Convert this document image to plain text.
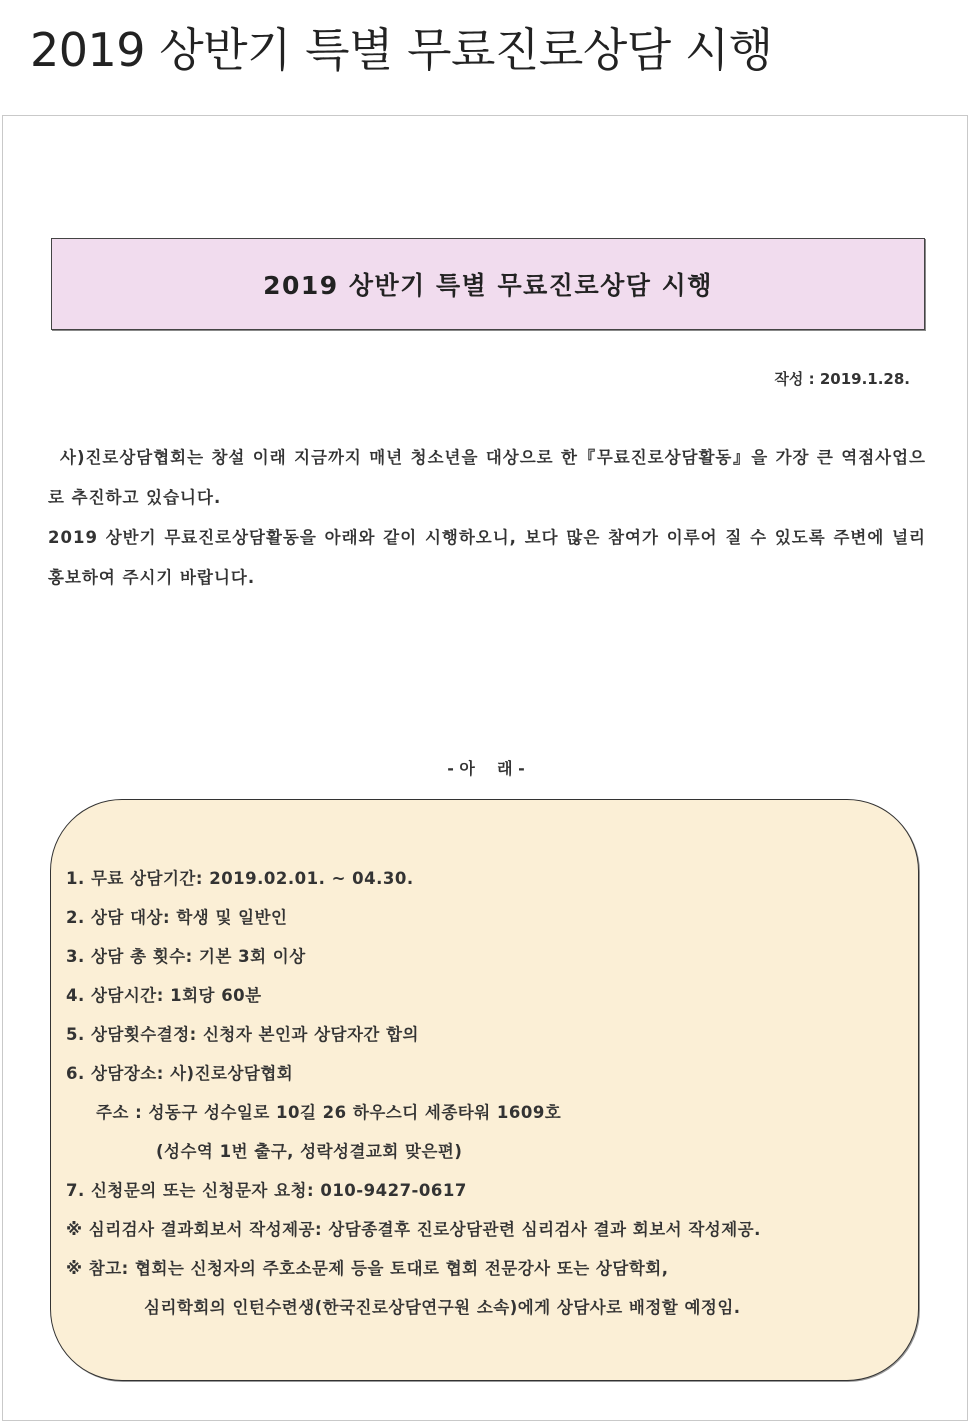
2019 상반기 특별 무료진로상담 시행
2019 상반기 특별 무료진로상담 시행
작성 : 2019.1.28.

사)진로상담협회는 창설 이래 지금까지 매년 청소년을 대상으로 한『무료진로상담활동』을 가장 큰 역점사업으로 추진하고 있습니다.

2019 상반기 무료진로상담활동을 아래와 같이 시행하오니, 보다 많은 참여가 이루어 질 수 있도록 주변에 널리 홍보하여 주시기 바랍니다.

- 아    래 -
1. 무료 상담기간: 2019.02.01. ~ 04.30.
2. 상담 대상: 학생 및 일반인
3. 상담 총 횟수: 기본 3회 이상
4. 상담시간: 1회당 60분
5. 상담횟수결정: 신청자 본인과 상담자간 합의
6. 상담장소: 사)진로상담협회
주소 : 성동구 성수일로 10길 26 하우스디 세종타워 1609호
(성수역 1번 출구, 성락성결교회 맞은편)
7. 신청문의 또는 신청문자 요청: 010-9427-0617
※ 심리검사 결과회보서 작성제공: 상담종결후 진로상담관련 심리검사 결과 회보서 작성제공.
※ 참고: 협회는 신청자의 주호소문제 등을 토대로 협회 전문강사 또는 상담학회,
심리학회의 인턴수련생(한국진로상담연구원 소속)에게 상담사로 배정할 예정임.
